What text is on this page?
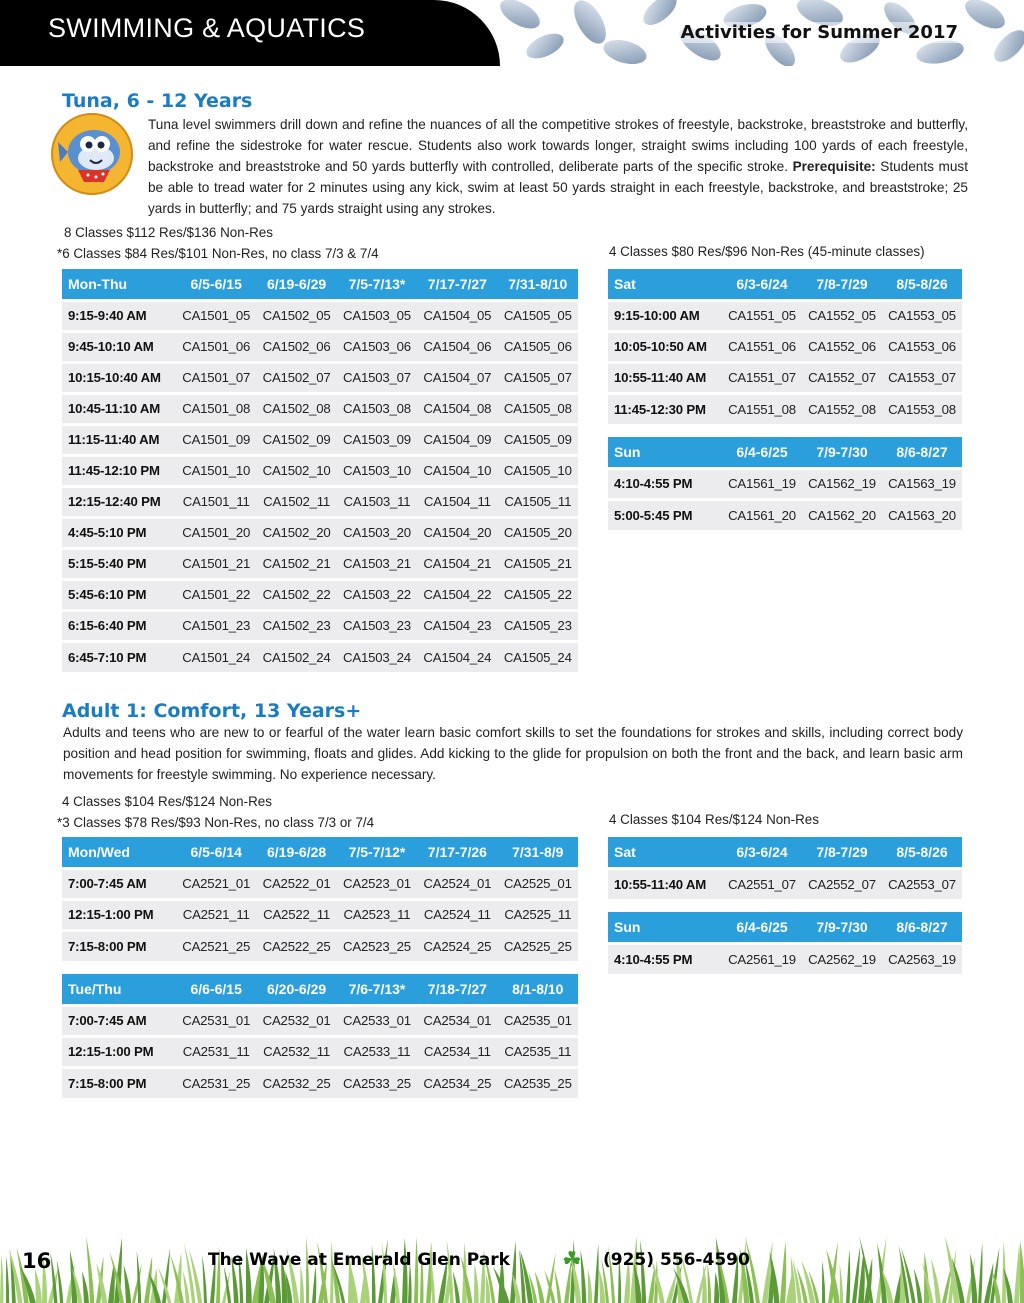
SWIMMING & AQUATICS	Activities for Summer 2017
Tuna, 6 - 12 Years
Tuna level swimmers drill down and refine the nuances of all the competitive strokes of freestyle, backstroke, breaststroke and butterfly, and refine the sidestroke for water rescue. Students also work towards longer, straight swims including 100 yards of each freestyle, backstroke and breaststroke and 50 yards butterfly with controlled, deliberate parts of the specific stroke. Prerequisite: Students must be able to tread water for 2 minutes using any kick, swim at least 50 yards straight in each freestyle, backstroke, and breaststroke; 25 yards in butterfly; and 75 yards straight using any strokes.
8 Classes $112 Res/$136 Non-Res
*6 Classes $84 Res/$101 Non-Res, no class 7/3 & 7/4	4 Classes $80 Res/$96 Non-Res (45-minute classes)
Mon-Thu	6/5-6/15	6/19-6/29	7/5-7/13*	7/17-7/27	7/31-8/10
9:15-9:40 AM	CA1501_05	CA1502_05	CA1503_05	CA1504_05	CA1505_05
9:45-10:10 AM	CA1501_06	CA1502_06	CA1503_06	CA1504_06	CA1505_06
10:15-10:40 AM	CA1501_07	CA1502_07	CA1503_07	CA1504_07	CA1505_07
10:45-11:10 AM	CA1501_08	CA1502_08	CA1503_08	CA1504_08	CA1505_08
11:15-11:40 AM	CA1501_09	CA1502_09	CA1503_09	CA1504_09	CA1505_09
11:45-12:10 PM	CA1501_10	CA1502_10	CA1503_10	CA1504_10	CA1505_10
12:15-12:40 PM	CA1501_11	CA1502_11	CA1503_11	CA1504_11	CA1505_11
4:45-5:10 PM	CA1501_20	CA1502_20	CA1503_20	CA1504_20	CA1505_20
5:15-5:40 PM	CA1501_21	CA1502_21	CA1503_21	CA1504_21	CA1505_21
5:45-6:10 PM	CA1501_22	CA1502_22	CA1503_22	CA1504_22	CA1505_22
6:15-6:40 PM	CA1501_23	CA1502_23	CA1503_23	CA1504_23	CA1505_23
6:45-7:10 PM	CA1501_24	CA1502_24	CA1503_24	CA1504_24	CA1505_24
Sat	6/3-6/24	7/8-7/29	8/5-8/26
9:15-10:00 AM	CA1551_05	CA1552_05	CA1553_05
10:05-10:50 AM	CA1551_06	CA1552_06	CA1553_06
10:55-11:40 AM	CA1551_07	CA1552_07	CA1553_07
11:45-12:30 PM	CA1551_08	CA1552_08	CA1553_08
Sun	6/4-6/25	7/9-7/30	8/6-8/27
4:10-4:55 PM	CA1561_19	CA1562_19	CA1563_19
5:00-5:45 PM	CA1561_20	CA1562_20	CA1563_20
Adult 1: Comfort, 13 Years+
Adults and teens who are new to or fearful of the water learn basic comfort skills to set the foundations for strokes and skills, including correct body position and head position for swimming, floats and glides. Add kicking to the glide for propulsion on both the front and the back, and learn basic arm movements for freestyle swimming. No experience necessary.
4 Classes $104 Res/$124 Non-Res
*3 Classes $78 Res/$93 Non-Res, no class 7/3 or 7/4	4 Classes $104 Res/$124 Non-Res
Mon/Wed	6/5-6/14	6/19-6/28	7/5-7/12*	7/17-7/26	7/31-8/9
7:00-7:45 AM	CA2521_01	CA2522_01	CA2523_01	CA2524_01	CA2525_01
12:15-1:00 PM	CA2521_11	CA2522_11	CA2523_11	CA2524_11	CA2525_11
7:15-8:00 PM	CA2521_25	CA2522_25	CA2523_25	CA2524_25	CA2525_25
Tue/Thu	6/6-6/15	6/20-6/29	7/6-7/13*	7/18-7/27	8/1-8/10
7:00-7:45 AM	CA2531_01	CA2532_01	CA2533_01	CA2534_01	CA2535_01
12:15-1:00 PM	CA2531_11	CA2532_11	CA2533_11	CA2534_11	CA2535_11
7:15-8:00 PM	CA2531_25	CA2532_25	CA2533_25	CA2534_25	CA2535_25
Sat	6/3-6/24	7/8-7/29	8/5-8/26
10:55-11:40 AM	CA2551_07	CA2552_07	CA2553_07
Sun	6/4-6/25	7/9-7/30	8/6-8/27
4:10-4:55 PM	CA2561_19	CA2562_19	CA2563_19
16	The Wave at Emerald Glen Park ☘ (925) 556-4590
